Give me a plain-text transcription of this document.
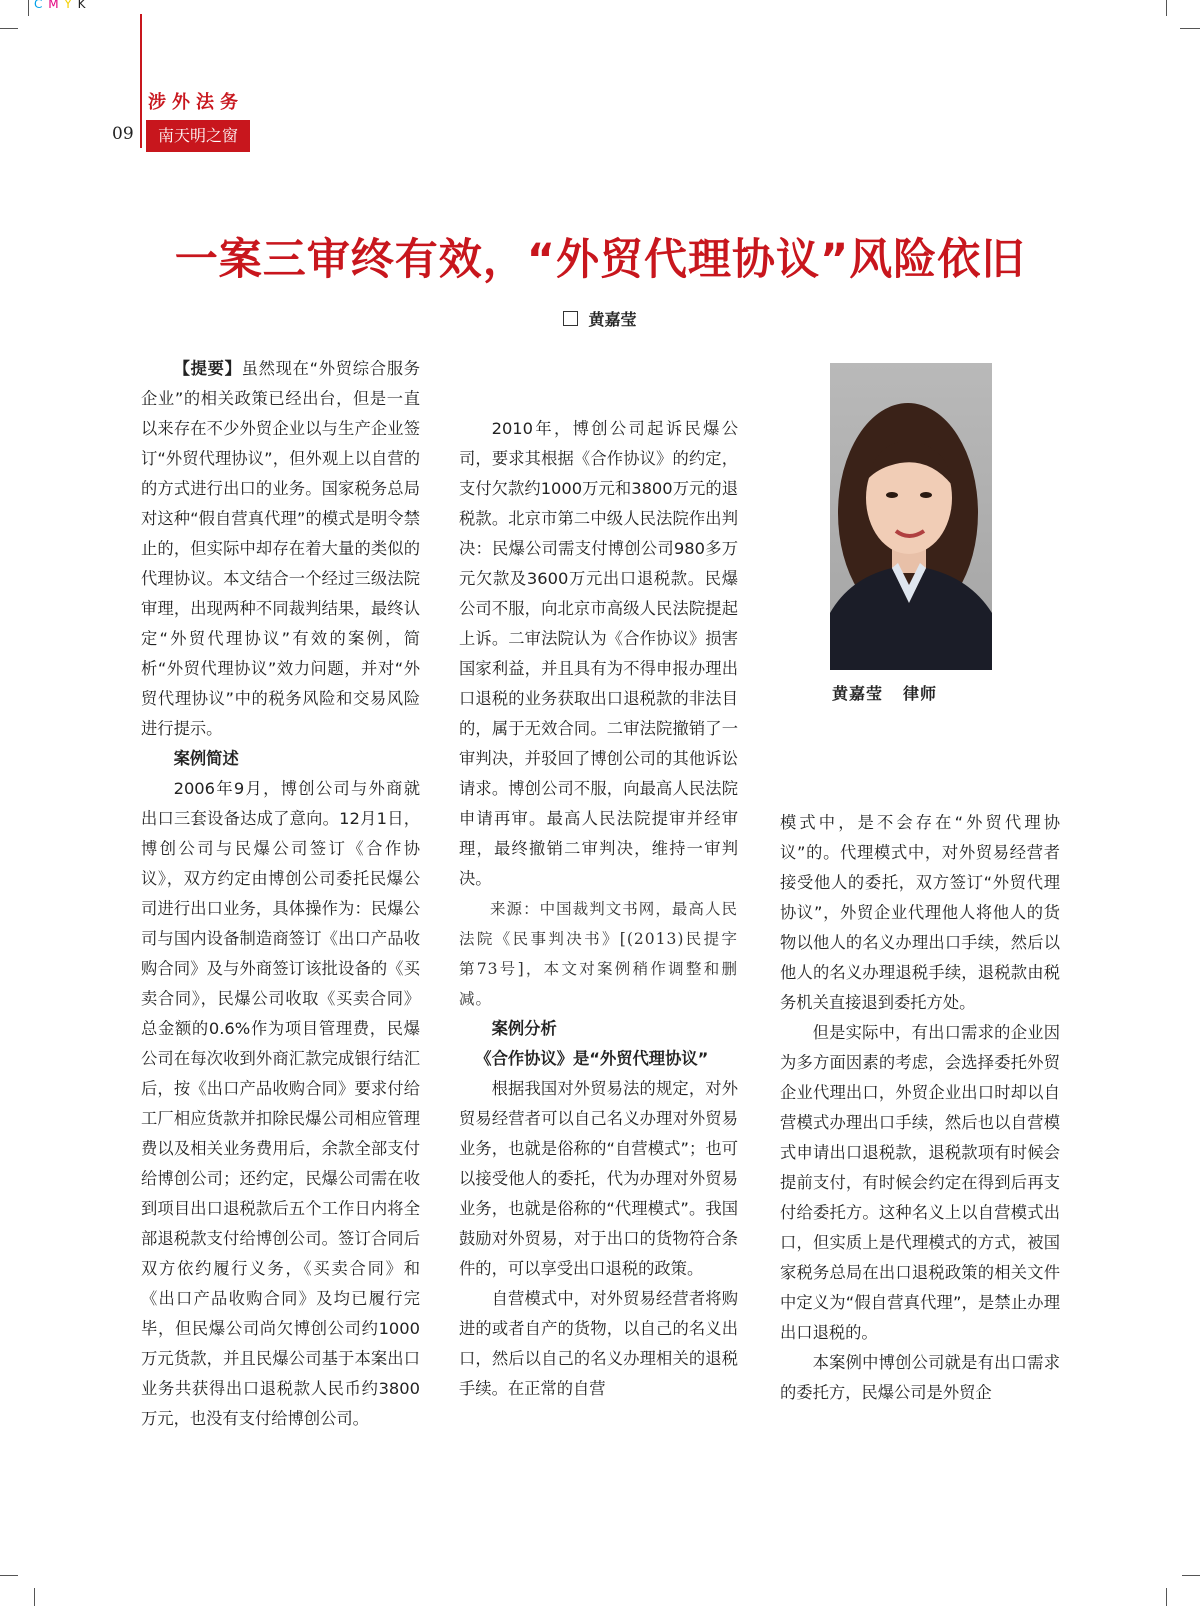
C M Y K
涉外法务
09	南天明之窗
一案三审终有效，“外贸代理协议”风险依旧
黄嘉莹

【提要】虽然现在“外贸综合服务企业”的相关政策已经出台，但是一直以来存在不少外贸企业以与生产企业签订“外贸代理协议”，但外观上以自营的的方式进行出口的业务。国家税务总局对这种“假自营真代理”的模式是明令禁止的，但实际中却存在着大量的类似的代理协议。本文结合一个经过三级法院审理，出现两种不同裁判结果，最终认定“外贸代理协议”有效的案例，简析“外贸代理协议”效力问题，并对“外贸代理协议”中的税务风险和交易风险进行提示。

案例简述

2006年9月，博创公司与外商就出口三套设备达成了意向。12月1日，博创公司与民爆公司签订《合作协议》，双方约定由博创公司委托民爆公司进行出口业务，具体操作为：民爆公司与国内设备制造商签订《出口产品收购合同》及与外商签订该批设备的《买卖合同》，民爆公司收取《买卖合同》总金额的0.6%作为项目管理费，民爆公司在每次收到外商汇款完成银行结汇后，按《出口产品收购合同》要求付给工厂相应货款并扣除民爆公司相应管理费以及相关业务费用后，余款全部支付给博创公司；还约定，民爆公司需在收到项目出口退税款后五个工作日内将全部退税款支付给博创公司。签订合同后双方依约履行义务，《买卖合同》和《出口产品收购合同》及均已履行完毕，但民爆公司尚欠博创公司约1000万元货款，并且民爆公司基于本案出口业务共获得出口退税款人民币约3800万元，也没有支付给博创公司。

2010年，博创公司起诉民爆公司，要求其根据《合作协议》的约定，支付欠款约1000万元和3800万元的退税款。北京市第二中级人民法院作出判决：民爆公司需支付博创公司980多万元欠款及3600万元出口退税款。民爆公司不服，向北京市高级人民法院提起上诉。二审法院认为《合作协议》损害国家利益，并且具有为不得申报办理出口退税的业务获取出口退税款的非法目的，属于无效合同。二审法院撤销了一审判决，并驳回了博创公司的其他诉讼请求。博创公司不服，向最高人民法院申请再审。最高人民法院提审并经审理，最终撤销二审判决，维持一审判决。

来源：中国裁判文书网，最高人民法院《民事判决书》[(2013)民提字第73号]，本文对案例稍作调整和删减。

案例分析
《合作协议》是“外贸代理协议”

根据我国对外贸易法的规定，对外贸易经营者可以自己名义办理对外贸易业务，也就是俗称的“自营模式”；也可以接受他人的委托，代为办理对外贸易业务，也就是俗称的“代理模式”。我国鼓励对外贸易，对于出口的货物符合条件的，可以享受出口退税的政策。

自营模式中，对外贸易经营者将购进的或者自产的货物，以自己的名义出口，然后以自己的名义办理相关的退税手续。在正常的自营

黄嘉莹 律师

模式中，是不会存在“外贸代理协议”的。代理模式中，对外贸易经营者接受他人的委托，双方签订“外贸代理协议”，外贸企业代理他人将他人的货物以他人的名义办理出口手续，然后以他人的名义办理退税手续，退税款由税务机关直接退到委托方处。

但是实际中，有出口需求的企业因为多方面因素的考虑，会选择委托外贸企业代理出口，外贸企业出口时却以自营模式办理出口手续，然后也以自营模式申请出口退税款，退税款项有时候会提前支付，有时候会约定在得到后再支付给委托方。这种名义上以自营模式出口，但实质上是代理模式的方式，被国家税务总局在出口退税政策的相关文件中定义为“假自营真代理”，是禁止办理出口退税的。

本案例中博创公司就是有出口需求的委托方，民爆公司是外贸企
